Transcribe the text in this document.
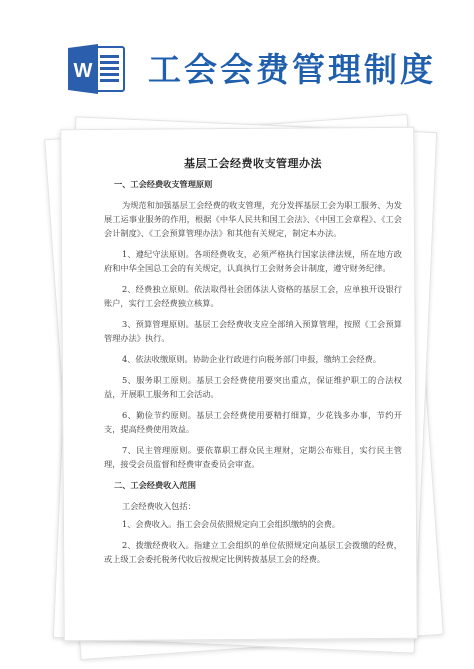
W 工会会费管理制度
基层工会经费收支管理办法
一、工会经费收支管理原则

为规范和加强基层工会经费的收支管理，充分发挥基层工会为职工服务、为发展工运事业服务的作用，根据《中华人民共和国工会法》、《中国工会章程》、《工会会计制度》、《工会预算管理办法》和其他有关规定，制定本办法。

1、遵纪守法原则。各项经费收支，必须严格执行国家法律法规，所在地方政府和中华全国总工会的有关规定，认真执行工会财务会计制度，遵守财务纪律。

2、经费独立原则。依法取得社会团体法人资格的基层工会，应单独开设银行账户，实行工会经费独立核算。

3、预算管理原则。基层工会经费收支应全部纳入预算管理，按照《工会预算管理办法》执行。

4、依法收缴原则。协助企业行政进行向税务部门申报，缴纳工会经费。

5、服务职工原则。基层工会经费使用要突出重点，保证维护职工的合法权益，开展职工服务和工会活动。

6、勤俭节约原则。基层工会经费使用要精打细算，少花钱多办事，节约开支，提高经费使用效益。

7、民主管理原则。要依靠职工群众民主理财，定期公布账目，实行民主管理，接受会员监督和经费审查委员会审查。

二、工会经费收入范围

工会经费收入包括：

1、会费收入。指工会会员依照规定向工会组织缴纳的会费。

2、拨缴经费收入。指建立工会组织的单位依照规定向基层工会拨缴的经费，或上级工会委托税务代收后按规定比例转拨基层工会的经费。
